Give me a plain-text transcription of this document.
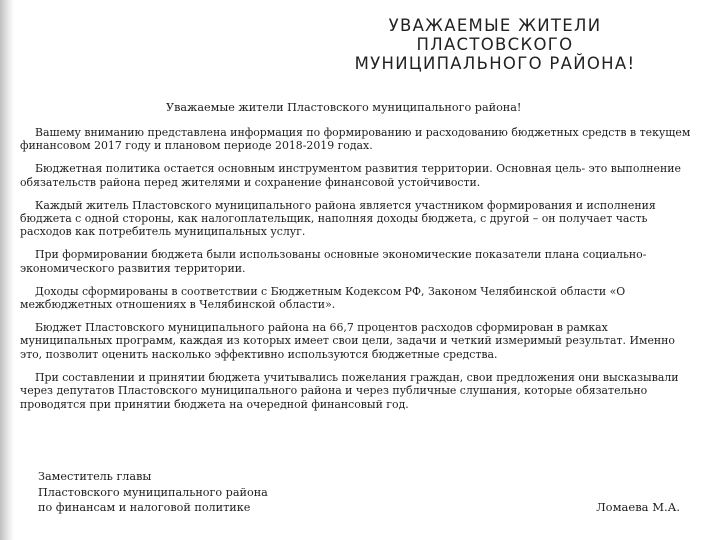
УВАЖАЕМЫЕ ЖИТЕЛИ
ПЛАСТОВСКОГО
МУНИЦИПАЛЬНОГО РАЙОНА!

Уважаемые жители Пластовского муниципального района!

Вашему вниманию представлена информация по формированию и расходованию бюджетных средств в текущем финансовом 2017 году и плановом периоде 2018-2019 годах.

Бюджетная политика остается основным инструментом развития территории. Основная цель- это выполнение обязательств района перед жителями и сохранение финансовой устойчивости.

Каждый житель Пластовского муниципального района является участником формирования и исполнения бюджета с одной стороны, как налогоплательщик, наполняя доходы бюджета, с другой – он получает часть расходов как потребитель муниципальных услуг.

При формировании бюджета были использованы основные экономические показатели плана социально-экономического развития территории.

Доходы сформированы в соответствии с Бюджетным Кодексом РФ, Законом Челябинской области «О межбюджетных отношениях в Челябинской области».

Бюджет Пластовского муниципального района на 66,7 процентов расходов сформирован в рамках муниципальных программ, каждая из которых имеет свои цели, задачи и четкий измеримый результат. Именно это, позволит оценить насколько эффективно используются бюджетные средства.

При составлении и принятии бюджета учитывались пожелания граждан, свои предложения они высказывали через депутатов Пластовского муниципального района и через публичные слушания, которые обязательно проводятся при принятии бюджета на очередной финансовый год.

Заместитель главы
Пластовского муниципального района
по финансам и налоговой политике	Ломаева М.А.
